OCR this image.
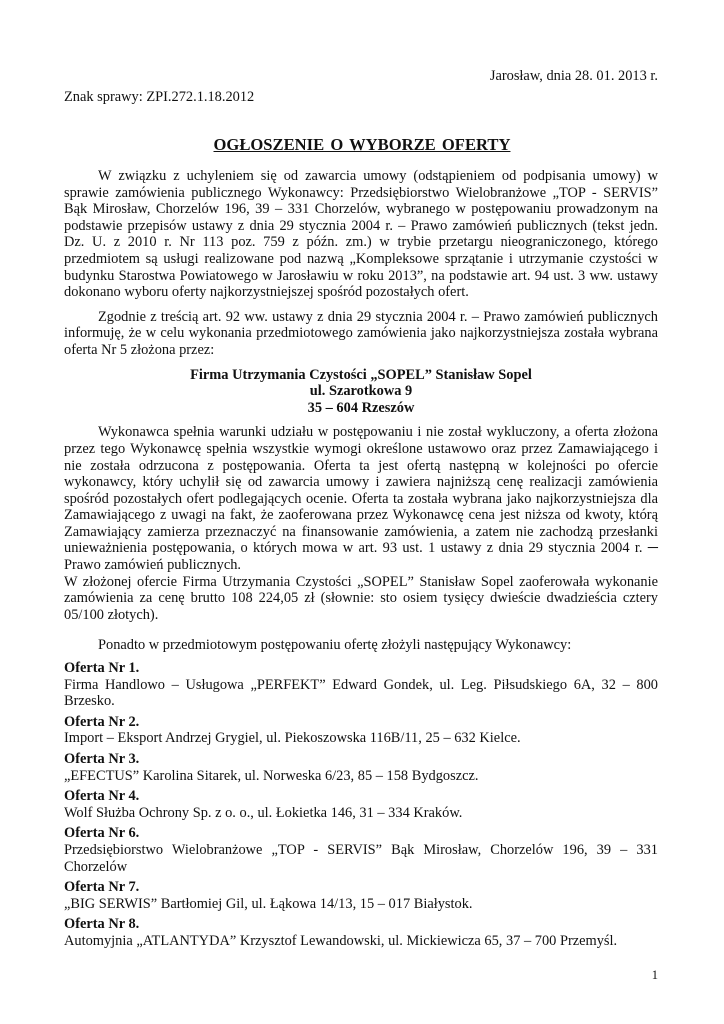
Jarosław, dnia 28. 01. 2013 r.
Znak sprawy: ZPI.272.1.18.2012
OGŁOSZENIE O WYBORZE OFERTY

W związku z uchyleniem się od zawarcia umowy (odstąpieniem od podpisania umowy) w sprawie zamówienia publicznego Wykonawcy: Przedsiębiorstwo Wielobranżowe „TOP - SERVIS” Bąk Mirosław, Chorzelów 196, 39 – 331 Chorzelów, wybranego w postępowaniu prowadzonym na podstawie przepisów ustawy z dnia 29 stycznia 2004 r. – Prawo zamówień publicznych (tekst jedn. Dz. U. z 2010 r. Nr 113 poz. 759 z późn. zm.) w trybie przetargu nieograniczonego, którego przedmiotem są usługi realizowane pod nazwą „Kompleksowe sprzątanie i utrzymanie czystości w budynku Starostwa Powiatowego w Jarosławiu w roku 2013”, na podstawie art. 94 ust. 3 ww. ustawy dokonano wyboru oferty najkorzystniejszej spośród pozostałych ofert.

Zgodnie z treścią art. 92 ww. ustawy z dnia 29 stycznia 2004 r. – Prawo zamówień publicznych informuję, że w celu wykonania przedmiotowego zamówienia jako najkorzystniejsza została wybrana oferta Nr 5 złożona przez:

Firma Utrzymania Czystości „SOPEL” Stanisław Sopel
ul. Szarotkowa 9
35 – 604 Rzeszów

Wykonawca spełnia warunki udziału w postępowaniu i nie został wykluczony, a oferta złożona przez tego Wykonawcę spełnia wszystkie wymogi określone ustawowo oraz przez Zamawiającego i nie została odrzucona z postępowania. Oferta ta jest ofertą następną w kolejności po ofercie wykonawcy, który uchylił się od zawarcia umowy i zawiera najniższą cenę realizacji zamówienia spośród pozostałych ofert podlegających ocenie. Oferta ta została wybrana jako najkorzystniejsza dla Zamawiającego z uwagi na fakt, że zaoferowana przez Wykonawcę cena jest niższa od kwoty, którą Zamawiający zamierza przeznaczyć na finansowanie zamówienia, a zatem nie zachodzą przesłanki unieważnienia postępowania, o których mowa w art. 93 ust. 1 ustawy z dnia 29 stycznia 2004 r. ─ Prawo zamówień publicznych.

W złożonej ofercie Firma Utrzymania Czystości „SOPEL” Stanisław Sopel zaoferowała wykonanie zamówienia za cenę brutto 108 224,05 zł (słownie: sto osiem tysięcy dwieście dwadzieścia cztery 05/100 złotych).

Ponadto w przedmiotowym postępowaniu ofertę złożyli następujący Wykonawcy:

Oferta Nr 1.

Firma Handlowo – Usługowa „PERFEKT” Edward Gondek, ul. Leg. Piłsudskiego 6A, 32 – 800 Brzesko.

Oferta Nr 2.

Import – Eksport Andrzej Grygiel, ul. Piekoszowska 116B/11, 25 – 632 Kielce.

Oferta Nr 3.

„EFECTUS” Karolina Sitarek, ul. Norweska 6/23, 85 – 158 Bydgoszcz.

Oferta Nr 4.

Wolf Służba Ochrony Sp. z o. o., ul. Łokietka 146, 31 – 334 Kraków.

Oferta Nr 6.

Przedsiębiorstwo Wielobranżowe „TOP - SERVIS” Bąk Mirosław, Chorzelów 196, 39 – 331 Chorzelów

Oferta Nr 7.

„BIG SERWIS” Bartłomiej Gil, ul. Łąkowa 14/13, 15 – 017 Białystok.

Oferta Nr 8.

Automyjnia „ATLANTYDA” Krzysztof Lewandowski, ul. Mickiewicza 65, 37 – 700 Przemyśl.

1
